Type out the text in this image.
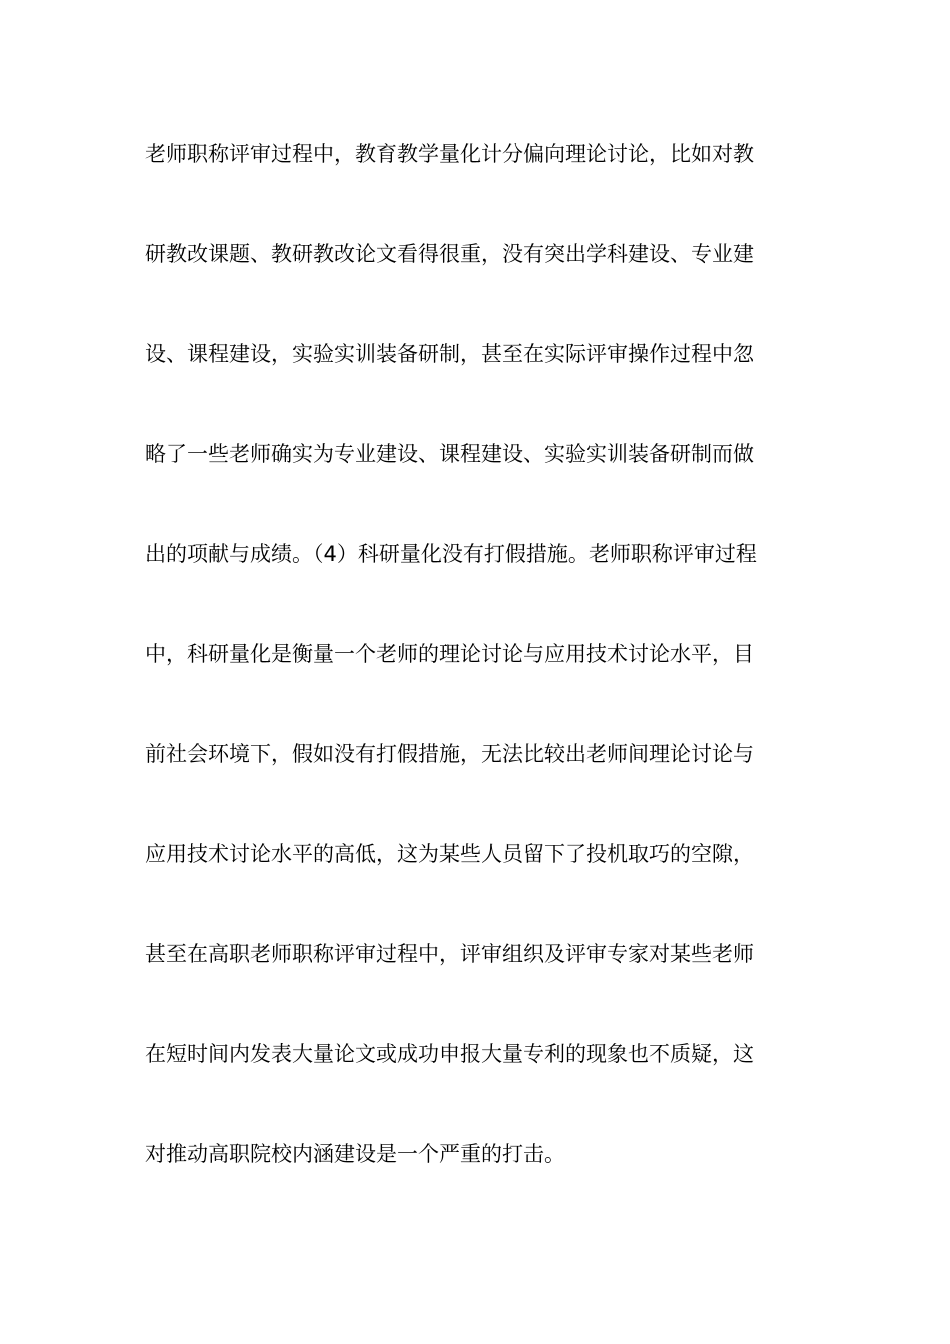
老师职称评审过程中，教育教学量化计分偏向理论讨论，比如对教
研教改课题、教研教改论文看得很重，没有突出学科建设、专业建
设、课程建设，实验实训装备研制，甚至在实际评审操作过程中忽
略了一些老师确实为专业建设、课程建设、实验实训装备研制而做
出的项献与成绩。（4）科研量化没有打假措施。老师职称评审过程
中，科研量化是衡量一个老师的理论讨论与应用技术讨论水平，目
前社会环境下，假如没有打假措施，无法比较出老师间理论讨论与
应用技术讨论水平的高低，这为某些人员留下了投机取巧的空隙，
甚至在高职老师职称评审过程中，评审组织及评审专家对某些老师
在短时间内发表大量论文或成功申报大量专利的现象也不质疑，这
对推动高职院校内涵建设是一个严重的打击。
